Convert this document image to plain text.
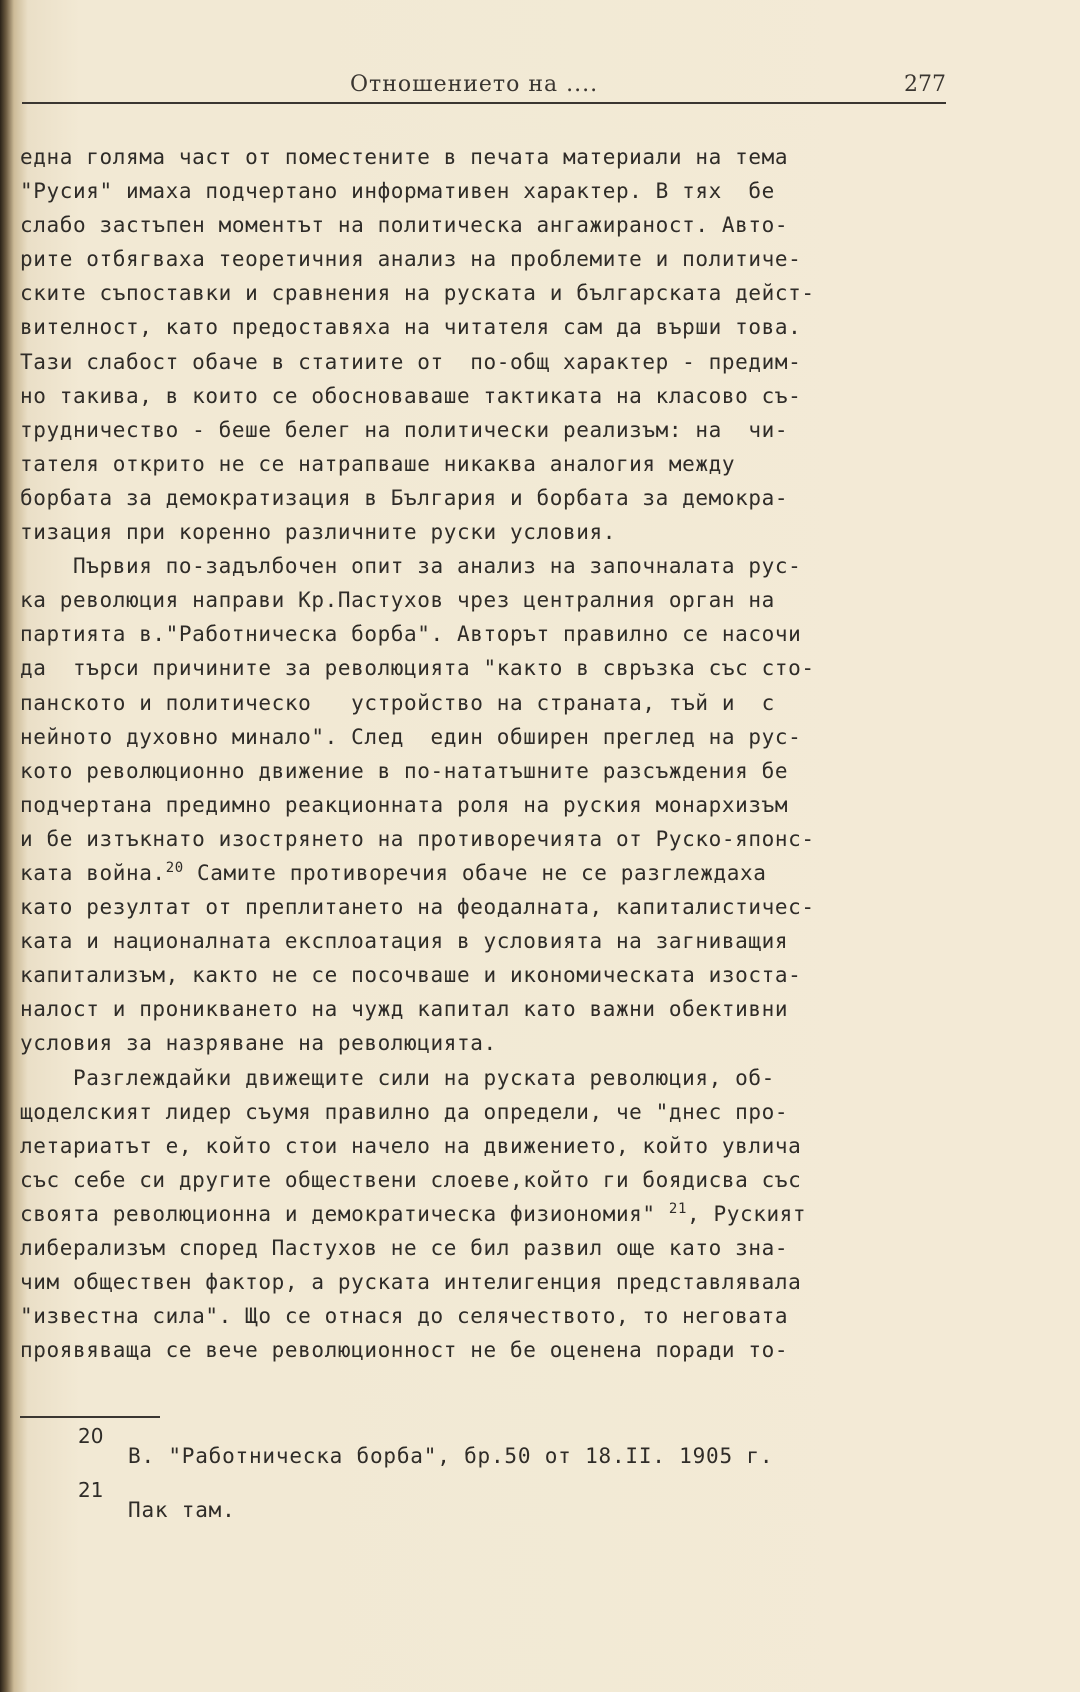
Отношението на ....	277
една голяма част от поместените в печата материали на тема
"Русия" имаха подчертано информативен характер. В тях  бе
слабо застъпен моментът на политическа ангажираност. Авто-
рите отбягваха теоретичния анализ на проблемите и политиче-
ските съпоставки и сравнения на руската и българската дейст-
вителност, като предоставяха на читателя сам да върши това.
Тази слабост обаче в статиите от  по-общ характер - предим-
но такива, в които се обосноваваше тактиката на класово съ-
трудничество - беше белег на политически реализъм: на  чи-
тателя открито не се натрапваше никаква аналогия между
борбата за демократизация в България и борбата за демокра-
тизация при коренно различните руски условия.
Първия по-задълбочен опит за анализ на започналата рус-
ка революция направи Кр.Пастухов чрез централния орган на
партията в."Работническа борба". Авторът правилно се насочи
да  търси причините за революцията "както в свръзка със сто-
панското и политическо   устройство на страната, тъй и  с
нейното духовно минало". След  един обширен преглед на рус-
кото революционно движение в по-нататъшните разсъждения бе
подчертана предимно реакционната роля на руския монархизъм
и бе изтъкнато изострянето на противоречията от Руско-японс-
ката война.$^{20}$ Самите противоречия обаче не се разглеждаха
като резултат от преплитането на феодалната, капиталистичес-
ката и националната експлоатация в условията на загниващия
капитализъм, както не се посочваше и икономическата изоста-
налост и проникването на чужд капитал като важни обективни
условия за назряване на революцията.
Разглеждайки движещите сили на руската революция, об-
щоделският лидер съумя правилно да определи, че "днес про-
летариатът е, който стои начело на движението, който увлича
със себе си другите обществени слоеве,който ги боядисва със
своята революционна и демократическа физиономия" $^{21}$, Руският
либерализъм според Пастухов не се бил развил още като зна-
чим обществен фактор, а руската интелигенция представлявала
"известна сила". Що се отнася до селячеството, то неговата
проявяваща се вече революционност не бе оценена поради то-
20
В. "Работническа борба", бр.50 от 18.II. 1905 г.
21
Пак там.
